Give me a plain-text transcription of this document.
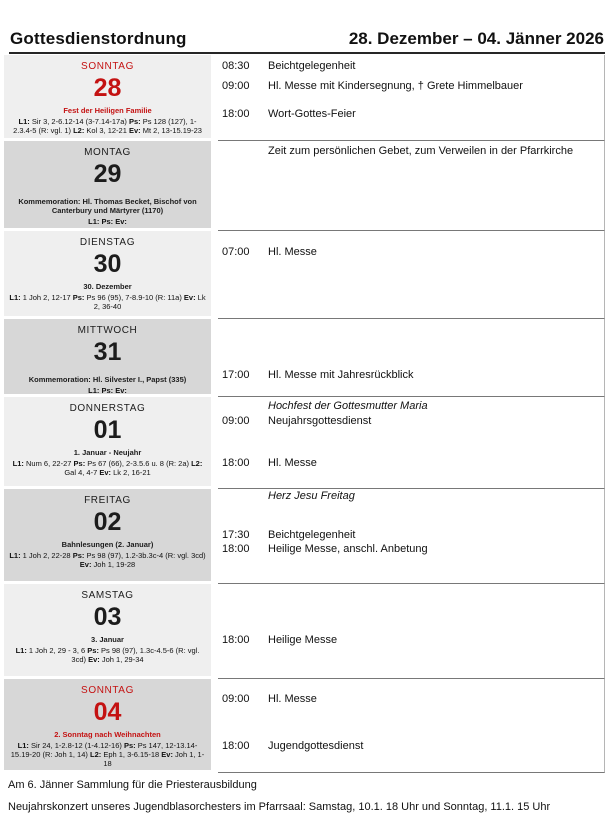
Gottesdienstordnung	28. Dezember – 04. Jänner 2026
SONNTAG
28
Fest der Heiligen Familie
L1: Sir 3, 2-6.12-14 (3-7.14-17a) Ps: Ps 128 (127), 1-2.3.4-5 (R: vgl. 1) L2: Kol 3, 12-21 Ev: Mt 2, 13-15.19-23
08:30 Beichtgelegenheit
09:00 Hl. Messe mit Kindersegnung, † Grete Himmelbauer
18:00 Wort-Gottes-Feier
MONTAG
29
Kommemoration: Hl. Thomas Becket, Bischof von Canterbury und Märtyrer (1170)
L1: Ps: Ev:
Zeit zum persönlichen Gebet, zum Verweilen in der Pfarrkirche
DIENSTAG
30
30. Dezember
L1: 1 Joh 2, 12-17 Ps: Ps 96 (95), 7-8.9-10 (R: 11a) Ev: Lk 2, 36-40
07:00 Hl. Messe
MITTWOCH
31
Kommemoration: Hl. Silvester I., Papst (335)
L1: Ps: Ev:
17:00 Hl. Messe mit Jahresrückblick
DONNERSTAG
01
1. Januar - Neujahr
L1: Num 6, 22-27 Ps: Ps 67 (66), 2-3.5.6 u. 8 (R: 2a) L2: Gal 4, 4-7 Ev: Lk 2, 16-21
Hochfest der Gottesmutter Maria
09:00 Neujahrsgottesdienst
18:00 Hl. Messe
FREITAG
02
Bahnlesungen (2. Januar)
L1: 1 Joh 2, 22-28 Ps: Ps 98 (97), 1.2-3b.3c-4 (R: vgl. 3cd) Ev: Joh 1, 19-28
Herz Jesu Freitag
17:30 Beichtgelegenheit
18:00 Heilige Messe, anschl. Anbetung
SAMSTAG
03
3. Januar
L1: 1 Joh 2, 29 - 3, 6 Ps: Ps 98 (97), 1.3c-4.5-6 (R: vgl. 3cd) Ev: Joh 1, 29-34
18:00 Heilige Messe
SONNTAG
04
2. Sonntag nach Weihnachten
L1: Sir 24, 1-2.8-12 (1-4.12-16) Ps: Ps 147, 12-13.14-15.19-20 (R: Joh 1, 14) L2: Eph 1, 3-6.15-18 Ev: Joh 1, 1-18
09:00 Hl. Messe
18:00 Jugendgottesdienst
Am 6. Jänner Sammlung für die Priesterausbildung
Neujahrskonzert unseres Jugendblasorchesters im Pfarrsaal: Samstag, 10.1. 18 Uhr und Sonntag, 11.1. 15 Uhr
